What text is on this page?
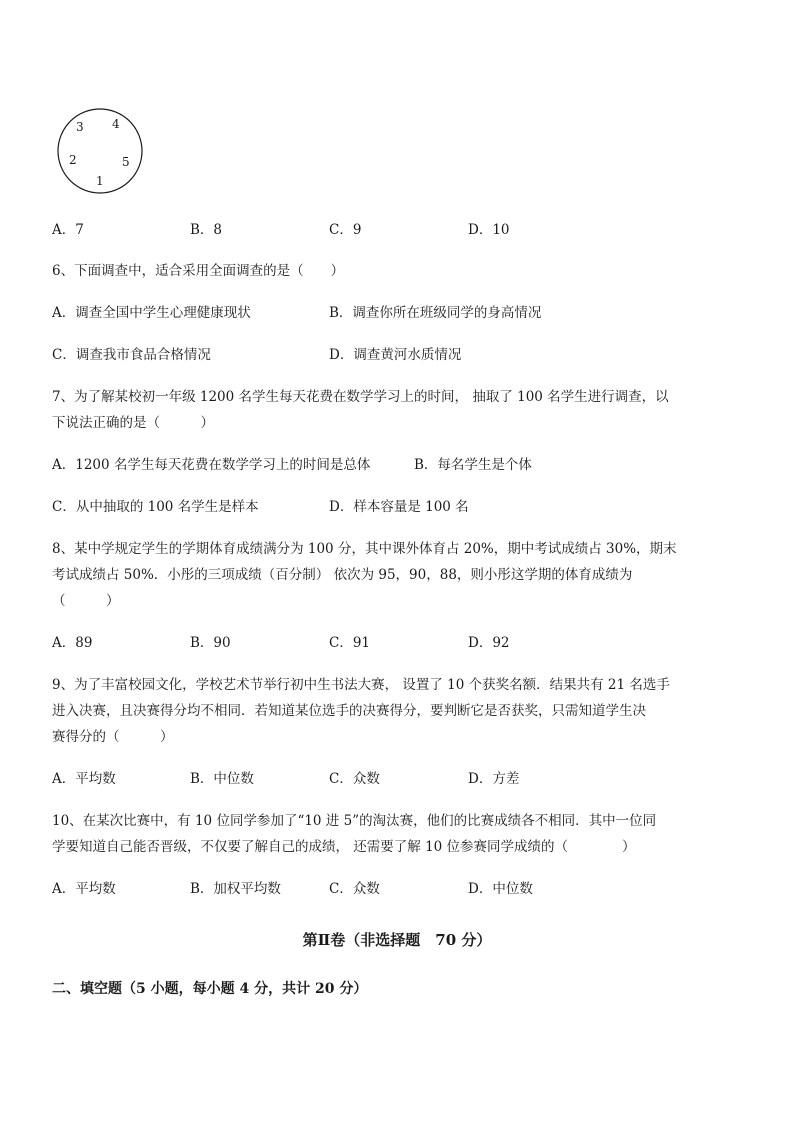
3 4
2	5
1
A．7	B．8	C．9	D．10
6、下面调查中，适合采用全面调查的是（　　）
A．调查全国中学生心理健康现状	B．调查你所在班级同学的身高情况
C．调查我市食品合格情况	D．调查黄河水质情况
7、为了解某校初一年级 1200 名学生每天花费在数学学习上的时间， 抽取了 100 名学生进行调查，以
下说法正确的是（　　　）
A．1200 名学生每天花费在数学学习上的时间是总体	B．每名学生是个体
C．从中抽取的 100 名学生是样本	D．样本容量是 100 名
8、某中学规定学生的学期体育成绩满分为 100 分，其中课外体育占 20%，期中考试成绩占 30%，期末
考试成绩占 50%．小彤的三项成绩（百分制） 依次为 95，90，88，则小彤这学期的体育成绩为
（　　　）
A．89	B．90	C．91	D．92
9、为了丰富校园文化，学校艺术节举行初中生书法大赛， 设置了 10 个获奖名额．结果共有 21 名选手
进入决赛，且决赛得分均不相同．若知道某位选手的决赛得分，要判断它是否获奖，只需知道学生决
赛得分的（　　　）
A．平均数	B．中位数	C．众数	D．方差
10、在某次比赛中，有 10 位同学参加了“10 进 5”的淘汰赛，他们的比赛成绩各不相同．其中一位同
学要知道自己能否晋级，不仅要了解自己的成绩， 还需要了解 10 位参赛同学成绩的（　　　　）
A．平均数	B．加权平均数	C．众数	D．中位数
第Ⅱ卷（非选择题　70 分）
二、填空题（5 小题，每小题 4 分，共计 20 分）
